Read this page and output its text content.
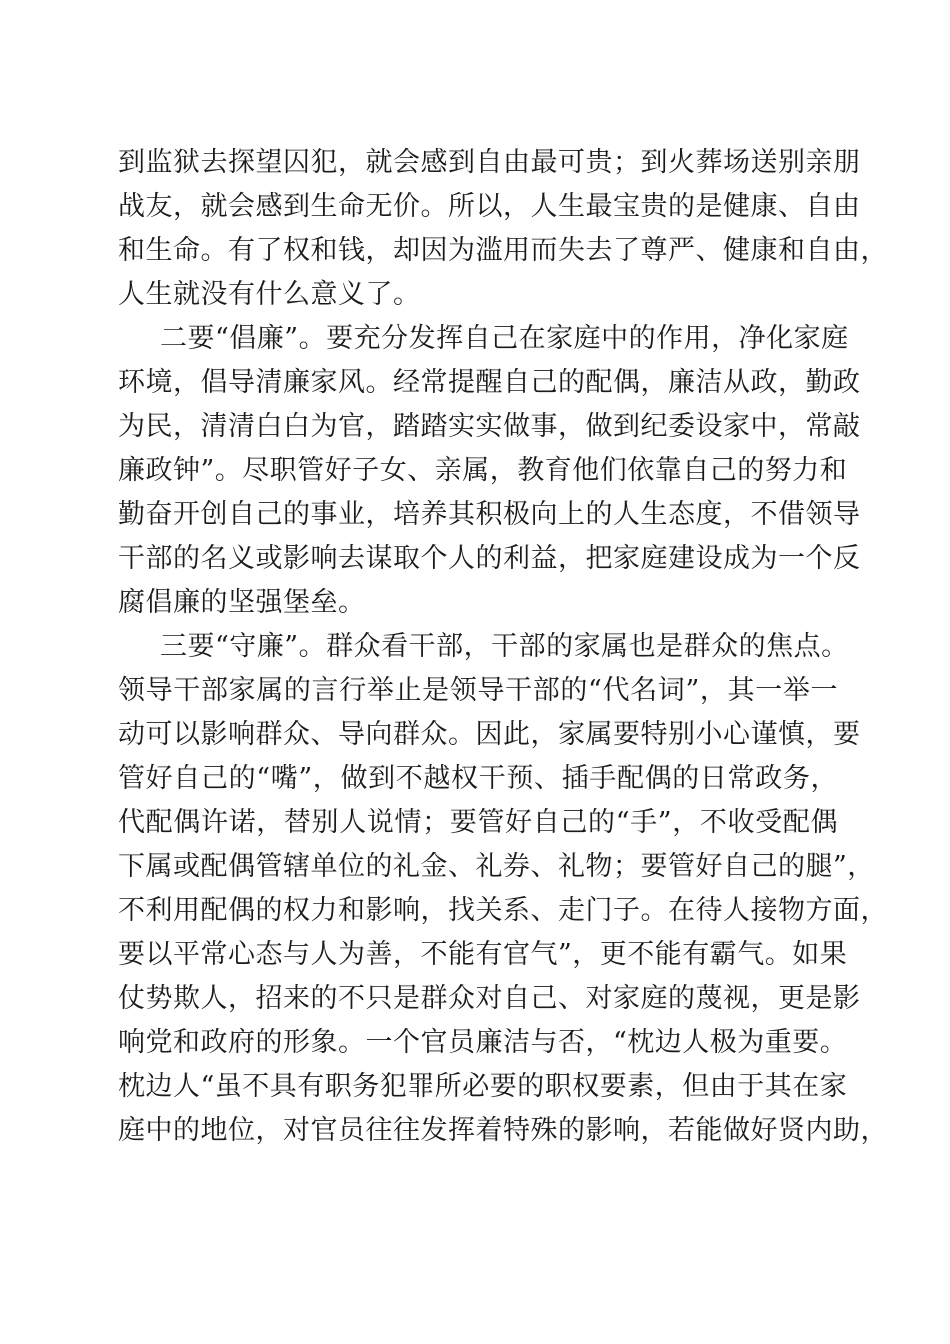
到监狱去探望囚犯，就会感到自由最可贵；到火葬场送别亲朋
战友，就会感到生命无价。所以，人生最宝贵的是健康、自由
和生命。有了权和钱，却因为滥用而失去了尊严、健康和自由，
人生就没有什么意义了。
二要“倡廉”。要充分发挥自己在家庭中的作用，净化家庭
环境，倡导清廉家风。经常提醒自己的配偶，廉洁从政，勤政
为民，清清白白为官，踏踏实实做事，做到纪委设家中，常敲
廉政钟”。尽职管好子女、亲属，教育他们依靠自己的努力和
勤奋开创自己的事业，培养其积极向上的人生态度，不借领导
干部的名义或影响去谋取个人的利益，把家庭建设成为一个反
腐倡廉的坚强堡垒。
三要“守廉”。群众看干部，干部的家属也是群众的焦点。
领导干部家属的言行举止是领导干部的“代名词”，其一举一
动可以影响群众、导向群众。因此，家属要特别小心谨慎，要
管好自己的“嘴”，做到不越权干预、插手配偶的日常政务，
代配偶许诺，替别人说情；要管好自己的“手”，不收受配偶
下属或配偶管辖单位的礼金、礼券、礼物；要管好自己的腿”，
不利用配偶的权力和影响，找关系、走门子。在待人接物方面，
要以平常心态与人为善，不能有官气”，更不能有霸气。如果
仗势欺人，招来的不只是群众对自己、对家庭的蔑视，更是影
响党和政府的形象。一个官员廉洁与否，“枕边人极为重要。
枕边人“虽不具有职务犯罪所必要的职权要素，但由于其在家
庭中的地位，对官员往往发挥着特殊的影响，若能做好贤内助，
